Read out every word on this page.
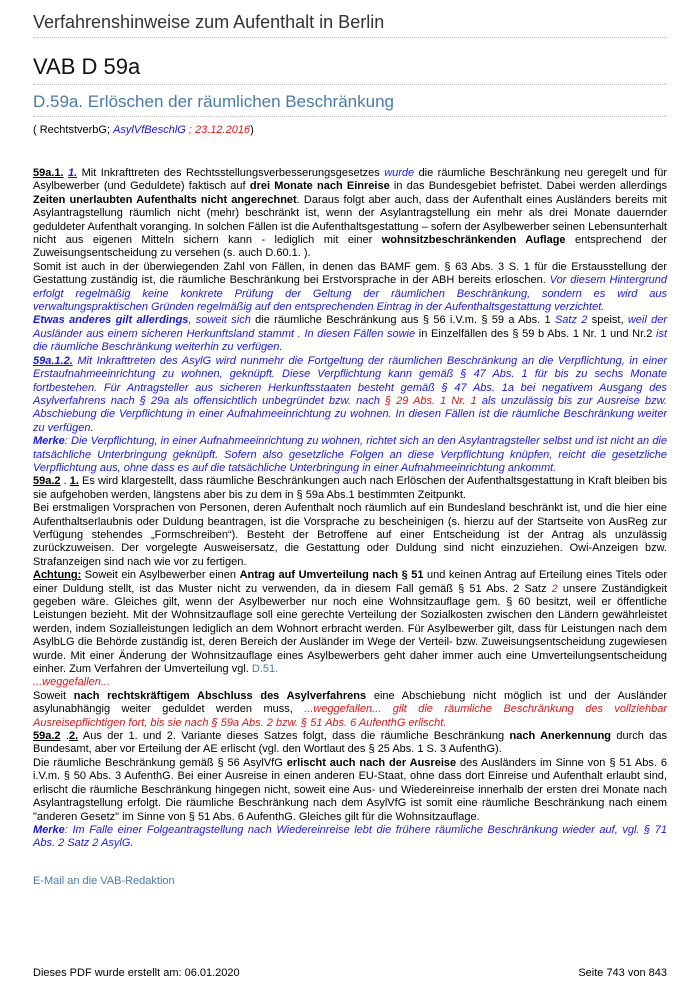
Verfahrenshinweise zum Aufenthalt in Berlin
VAB D 59a
D.59a. Erlöschen der räumlichen Beschränkung
( RechtstverbG; AsylVfBeschlG ; 23.12.2016)

59a.1. 1. Mit Inkrafttreten des Rechtsstellungsverbesserungsgesetzes wurde die räumliche Beschränkung neu geregelt und für Asylbewerber (und Geduldete) faktisch auf drei Monate nach Einreise in das Bundesgebiet befristet. Dabei werden allerdings Zeiten unerlaubten Aufenthalts nicht angerechnet. Daraus folgt aber auch, dass der Aufenthalt eines Ausländers bereits mit Asylantragstellung räumlich nicht (mehr) beschränkt ist, wenn der Asylantragstellung ein mehr als drei Monate dauernder geduldeter Aufenthalt voranging. In solchen Fällen ist die Aufenthaltsgestattung – sofern der Asylbewerber seinen Lebensunterhalt nicht aus eigenen Mitteln sichern kann - lediglich mit einer wohnsitzbeschränkenden Auflage entsprechend der Zuweisungsentscheidung zu versehen (s. auch D.60.1. ).

Somit ist auch in der überwiegenden Zahl von Fällen, in denen das BAMF gem. § 63 Abs. 3 S. 1 für die Erstausstellung der Gestattung zuständig ist, die räumliche Beschränkung bei Erstvorsprache in der ABH bereits erloschen. Vor diesem Hintergrund erfolgt regelmäßig keine konkrete Prüfung der Geltung der räumlichen Beschränkung, sondern es wird aus verwaltungspraktischen Gründen regelmäßig auf den entsprechenden Eintrag in der Aufenthaltsgestattung verzichtet.

Etwas anderes gilt allerdings, soweit sich die räumliche Beschränkung aus § 56 i.V.m. § 59 a Abs. 1 Satz 2 speist, weil der Ausländer aus einem sicheren Herkunftsland stammt . In diesen Fällen sowie in Einzelfällen des § 59 b Abs. 1 Nr. 1 und Nr.2 ist die räumliche Beschränkung weiterhin zu verfügen.

59a.1.2. Mit Inkrafttreten des AsylG wird nunmehr die Fortgeltung der räumlichen Beschränkung an die Verpflichtung, in einer Erstaufnahmeeinrichtung zu wohnen, geknüpft. Diese Verpflichtung kann gemäß § 47 Abs. 1 für bis zu sechs Monate fortbestehen. Für Antragsteller aus sicheren Herkunftsstaaten besteht gemäß § 47 Abs. 1a bei negativem Ausgang des Asylverfahrens nach § 29a als offensichtlich unbegründet bzw. nach § 29 Abs. 1 Nr. 1 als unzulässig bis zur Ausreise bzw. Abschiebung die Verpflichtung in einer Aufnahmeeinrichtung zu wohnen. In diesen Fällen ist die räumliche Beschränkung weiter zu verfügen.

Merke: Die Verpflichtung, in einer Aufnahmeeinrichtung zu wohnen, richtet sich an den Asylantragsteller selbst und ist nicht an die tatsächliche Unterbringung geknüpft. Sofern also gesetzliche Folgen an diese Verpflichtung knüpfen, reicht die gesetzliche Verpflichtung aus, ohne dass es auf die tatsächliche Unterbringung in einer Aufnahmeeinrichtung ankommt.

59a.2 . 1. Es wird klargestellt, dass räumliche Beschränkungen auch nach Erlöschen der Aufenthaltsgestattung in Kraft bleiben bis sie aufgehoben werden, längstens aber bis zu dem in § 59a Abs.1 bestimmten Zeitpunkt.

Bei erstmaligen Vorsprachen von Personen, deren Aufenthalt noch räumlich auf ein Bundesland beschränkt ist, und die hier eine Aufenthaltserlaubnis oder Duldung beantragen, ist die Vorsprache zu bescheinigen (s. hierzu auf der Startseite von AusReg zur Verfügung stehendes „Formschreiben“). Besteht der Betroffene auf einer Entscheidung ist der Antrag als unzulässig zurückzuweisen. Der vorgelegte Ausweisersatz, die Gestattung oder Duldung sind nicht einzuziehen. Owi-Anzeigen bzw. Strafanzeigen sind nach wie vor zu fertigen.

Achtung: Soweit ein Asylbewerber einen Antrag auf Umverteilung nach § 51 und keinen Antrag auf Erteilung eines Titels oder einer Duldung stellt, ist das Muster nicht zu verwenden, da in diesem Fall gemäß § 51 Abs. 2 Satz 2 unsere Zuständigkeit gegeben wäre. Gleiches gilt, wenn der Asylbewerber nur noch eine Wohnsitzauflage gem. § 60 besitzt, weil er öffentliche Leistungen bezieht. Mit der Wohnsitzauflage soll eine gerechte Verteilung der Sozialkosten zwischen den Ländern gewährleistet werden, indem Sozialleistungen lediglich an dem Wohnort erbracht werden. Für Asylbewerber gilt, dass für Leistungen nach dem AsylbLG die Behörde zuständig ist, deren Bereich der Ausländer im Wege der Verteil- bzw. Zuweisungsentscheidung zugewiesen wurde. Mit einer Änderung der Wohnsitzauflage eines Asylbewerbers geht daher immer auch eine Umverteilungsentscheidung einher. Zum Verfahren der Umverteilung vgl. D.51.

...weggefallen...

Soweit nach rechtskräftigem Abschluss des Asylverfahrens eine Abschiebung nicht möglich ist und der Ausländer asylunabhängig weiter geduldet werden muss, ...weggefallen... gilt die räumliche Beschränkung des vollziehbar Ausreisepflichtigen fort, bis sie nach § 59a Abs. 2 bzw. § 51 Abs. 6 AufenthG erlischt.

59a.2 .2. Aus der 1. und 2. Variante dieses Satzes folgt, dass die räumliche Beschränkung nach Anerkennung durch das Bundesamt, aber vor Erteilung der AE erlischt (vgl. den Wortlaut des § 25 Abs. 1 S. 3 AufenthG).

Die räumliche Beschränkung gemäß § 56 AsylVfG erlischt auch nach der Ausreise des Ausländers im Sinne von § 51 Abs. 6 i.V.m. § 50 Abs. 3 AufenthG. Bei einer Ausreise in einen anderen EU-Staat, ohne dass dort Einreise und Aufenthalt erlaubt sind, erlischt die räumliche Beschränkung hingegen nicht, soweit eine Aus- und Wiedereinreise innerhalb der ersten drei Monate nach Asylantragstellung erfolgt. Die räumliche Beschränkung nach dem AsylVfG ist somit eine räumliche Beschränkung nach einem "anderen Gesetz" im Sinne von § 51 Abs. 6 AufenthG. Gleiches gilt für die Wohnsitzauflage.

Merke: Im Falle einer Folgeantragstellung nach Wiedereinreise lebt die frühere räumliche Beschränkung wieder auf, vgl. § 71 Abs. 2 Satz 2 AsylG.

E-Mail an die VAB-Redaktion
Dieses PDF wurde erstellt am: 06.01.2020	Seite 743 von 843
